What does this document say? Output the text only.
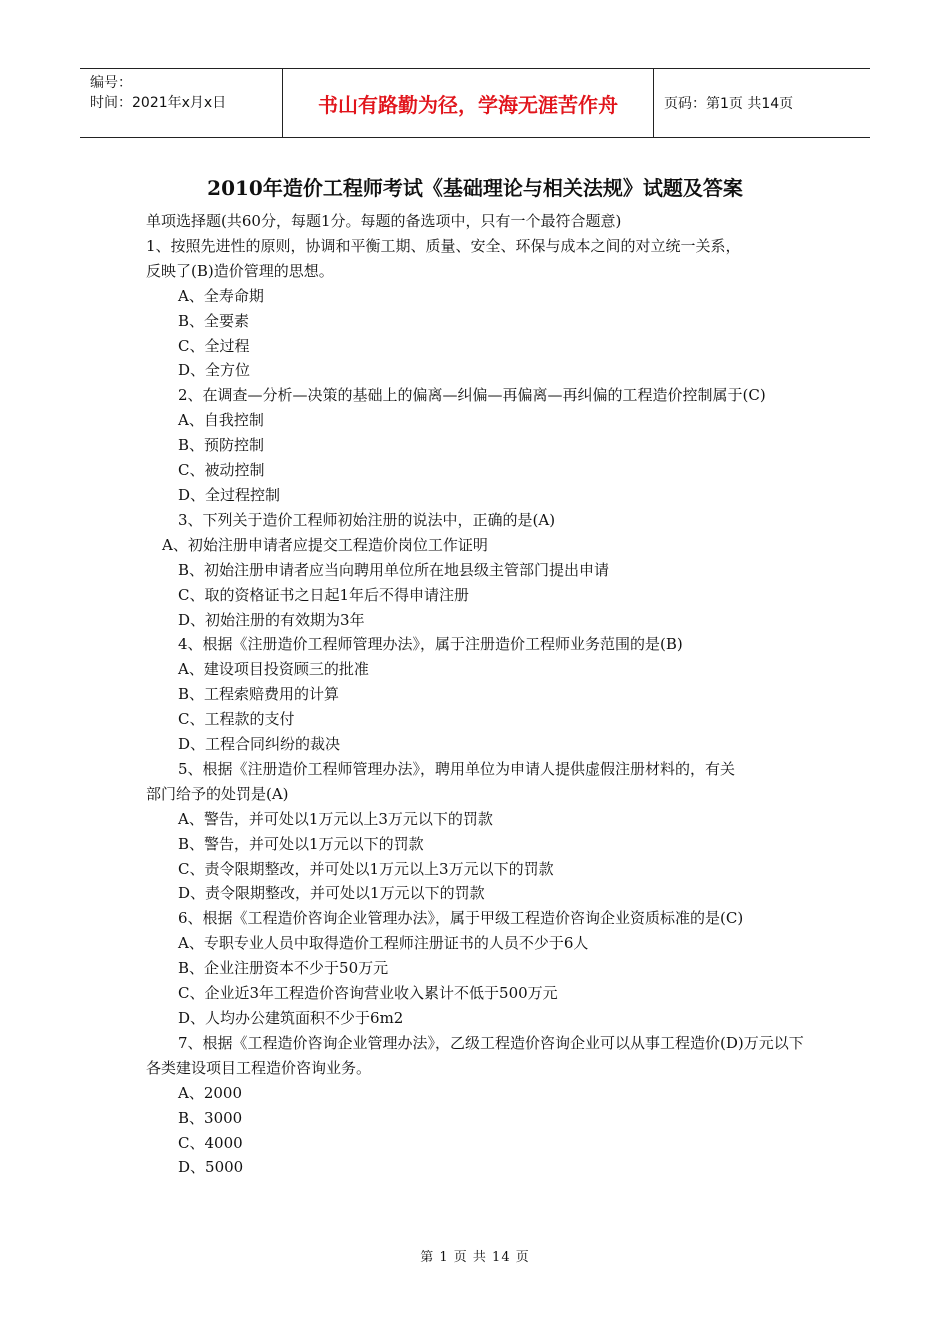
编号：
时间：2021年x月x日	书山有路勤为径，学海无涯苦作舟	页码：第1页 共14页
2010年造价工程师考试《基础理论与相关法规》试题及答案

单项选择题(共60分，每题1分。每题的备选项中，只有一个最符合题意)

1、按照先进性的原则，协调和平衡工期、质量、安全、环保与成本之间的对立统一关系，

反映了(B)造价管理的思想。

A、全寿命期

B、全要素

C、全过程

D、全方位

2、在调查—分析—决策的基础上的偏离—纠偏—再偏离—再纠偏的工程造价控制属于(C)

A、自我控制

B、预防控制

C、被动控制

D、全过程控制

3、下列关于造价工程师初始注册的说法中，正确的是(A)

A、初始注册申请者应提交工程造价岗位工作证明

B、初始注册申请者应当向聘用单位所在地县级主管部门提出申请

C、取的资格证书之日起1年后不得申请注册

D、初始注册的有效期为3年

4、根据《注册造价工程师管理办法》，属于注册造价工程师业务范围的是(B)

A、建设项目投资顾三的批准

B、工程索赔费用的计算

C、工程款的支付

D、工程合同纠纷的裁决

5、根据《注册造价工程师管理办法》，聘用单位为申请人提供虚假注册材料的，有关

部门给予的处罚是(A)

A、警告，并可处以1万元以上3万元以下的罚款

B、警告，并可处以1万元以下的罚款

C、责令限期整改，并可处以1万元以上3万元以下的罚款

D、责令限期整改，并可处以1万元以下的罚款

6、根据《工程造价咨询企业管理办法》，属于甲级工程造价咨询企业资质标准的是(C)

A、专职专业人员中取得造价工程师注册证书的人员不少于6人

B、企业注册资本不少于50万元

C、企业近3年工程造价咨询营业收入累计不低于500万元

D、人均办公建筑面积不少于6m2

7、根据《工程造价咨询企业管理办法》，乙级工程造价咨询企业可以从事工程造价(D)万元以下各类建设项目工程造价咨询业务。

A、2000

B、3000

C、4000

D、5000

第 1 页 共 14 页
